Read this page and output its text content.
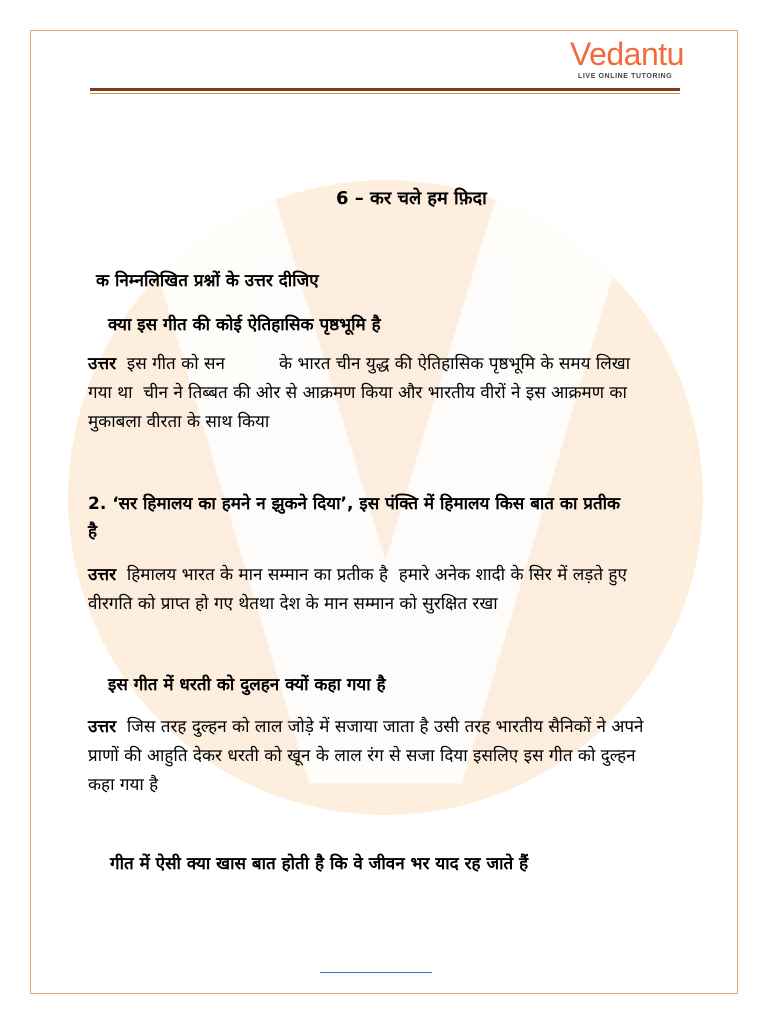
Vedantu
LIVE ONLINE TUTORING
6 – कर चले हम फ़िदा
क निम्नलिखित प्रश्नों के उत्तर दीजिए
क्या इस गीत की कोई ऐतिहासिक पृष्ठभूमि है
उत्तर इस गीत को सन          के भारत चीन युद्ध की ऐतिहासिक पृष्ठभूमि के समय लिखा
गया था  चीन ने तिब्बत की ओर से आक्रमण किया और भारतीय वीरों ने इस आक्रमण का
मुकाबला वीरता के साथ किया
2. ‘सर हिमालय का हमने न झुकने दिया’, इस पंक्ति में हिमालय किस बात का प्रतीक
है
उत्तर हिमालय भारत के मान सम्मान का प्रतीक है  हमारे अनेक शादी के सिर में लड़ते हुए
वीरगति को प्राप्त हो गए थेतथा देश के मान सम्मान को सुरक्षित रखा
इस गीत में धरती को दुलहन क्यों कहा गया है
उत्तर जिस तरह दुल्हन को लाल जोड़े में सजाया जाता है उसी तरह भारतीय सैनिकों ने अपने
प्राणों की आहुति देकर धरती को खून के लाल रंग से सजा दिया इसलिए इस गीत को दुल्हन
कहा गया है
गीत में ऐसी क्या खास बात होती है कि वे जीवन भर याद रह जाते हैं
